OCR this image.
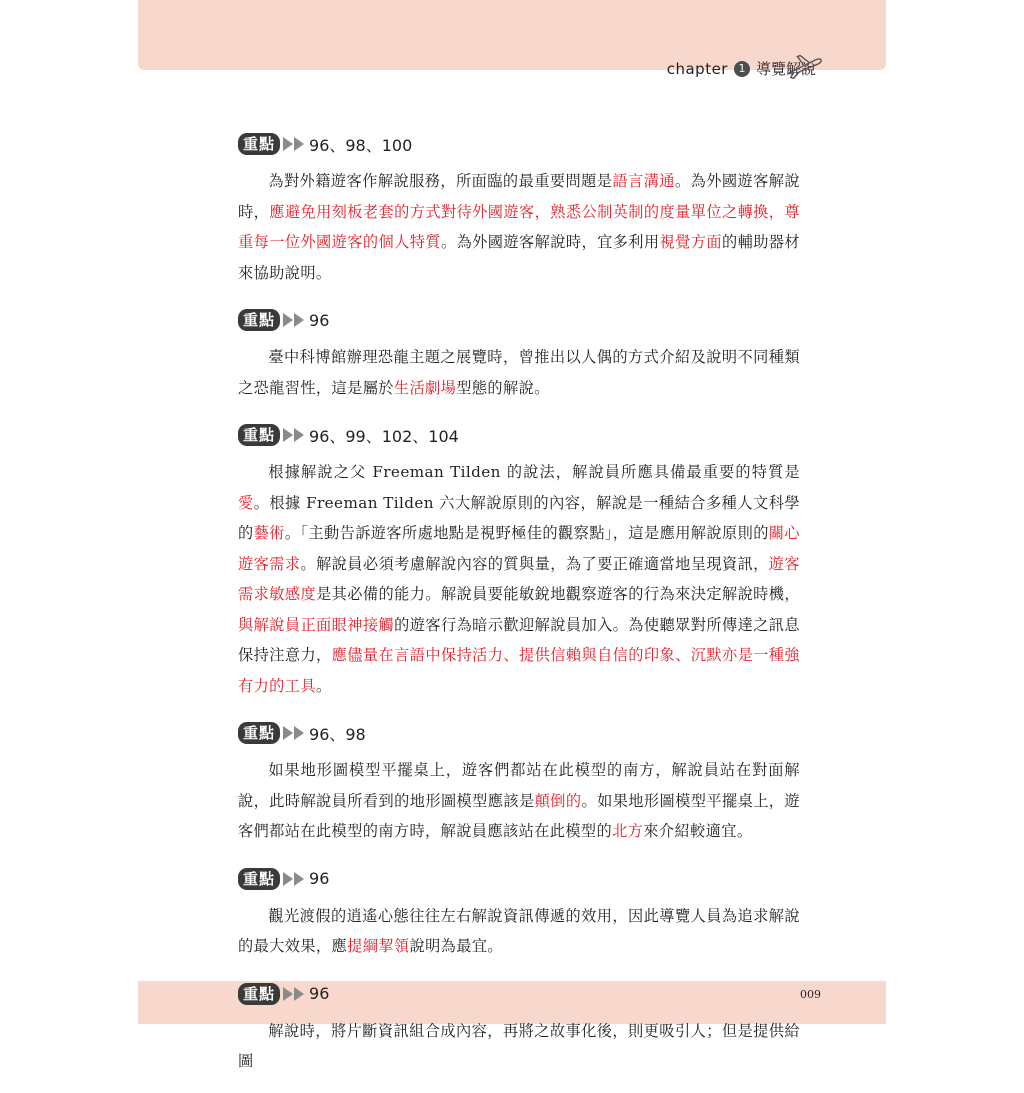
chapter 1 導覽解說
重點	96、98、100

為對外籍遊客作解說服務，所面臨的最重要問題是語言溝通。為外國遊客解說時，應避免用刻板老套的方式對待外國遊客，熟悉公制英制的度量單位之轉換，尊重每一位外國遊客的個人特質。為外國遊客解說時，宜多利用視覺方面的輔助器材來協助說明。

重點	96

臺中科博館辦理恐龍主題之展覽時，曾推出以人偶的方式介紹及說明不同種類之恐龍習性，這是屬於生活劇場型態的解說。

重點	96、99、102、104

根據解說之父 Freeman Tilden 的說法，解說員所應具備最重要的特質是愛。根據 Freeman Tilden 六大解說原則的內容，解說是一種結合多種人文科學的藝術。「主動告訴遊客所處地點是視野極佳的觀察點」，這是應用解說原則的關心遊客需求。解說員必須考慮解說內容的質與量，為了要正確適當地呈現資訊，遊客需求敏感度是其必備的能力。解說員要能敏銳地觀察遊客的行為來決定解說時機，與解說員正面眼神接觸的遊客行為暗示歡迎解說員加入。為使聽眾對所傳達之訊息保持注意力，應儘量在言語中保持活力、提供信賴與自信的印象、沉默亦是一種強有力的工具。

重點	96、98

如果地形圖模型平擺桌上，遊客們都站在此模型的南方，解說員站在對面解說，此時解說員所看到的地形圖模型應該是顛倒的。如果地形圖模型平擺桌上，遊客們都站在此模型的南方時，解說員應該站在此模型的北方來介紹較適宜。

重點	96

觀光渡假的逍遙心態往往左右解說資訊傳遞的效用，因此導覽人員為追求解說的最大效果，應提綱挈領說明為最宜。

重點	96

解說時，將片斷資訊組合成內容，再將之故事化後，則更吸引人；但是提供給圖

009
